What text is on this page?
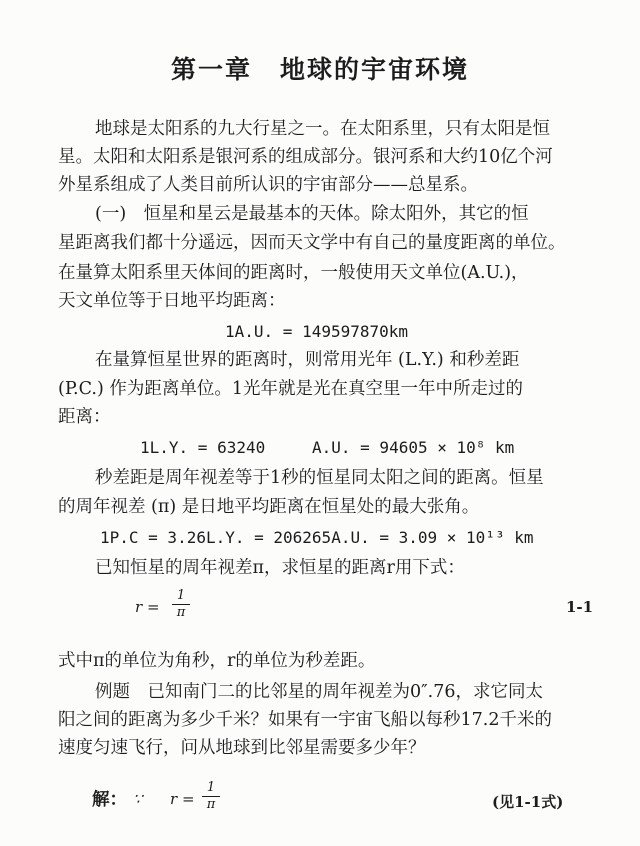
第一章 地球的宇宙环境
地球是太阳系的九大行星之一。在太阳系里，只有太阳是恒
星。太阳和太阳系是银河系的组成部分。银河系和大约10亿个河
外星系组成了人类目前所认识的宇宙部分——总星系。
(一)　恒星和星云是最基本的天体。除太阳外，其它的恒
星距离我们都十分遥远，因而天文学中有自己的量度距离的单位。
在量算太阳系里天体间的距离时，一般使用天文单位(A.U.)，
天文单位等于日地平均距离：
1A.U. = 149597870km
在量算恒星世界的距离时，则常用光年 (L.Y.) 和秒差距
(P.C.) 作为距离单位。1光年就是光在真空里一年中所走过的
距离：
1L.Y. = 63240	A.U. = 94605 × 10⁸ km
秒差距是周年视差等于1秒的恒星同太阳之间的距离。恒星
的周年视差 (π) 是日地平均距离在恒星处的最大张角。
1P.C = 3.26L.Y. = 206265A.U. = 3.09 × 10¹³ km
已知恒星的周年视差π，求恒星的距离r用下式：
r =
1
π	1-1
式中π的单位为角秒，r的单位为秒差距。
例题　已知南门二的比邻星的周年视差为0″.76，求它同太
阳之间的距离为多少千米？如果有一宇宙飞船以每秒17.2千米的
速度匀速飞行，问从地球到比邻星需要多少年？
解： ∵ r =
1
π	(见1-1式)
